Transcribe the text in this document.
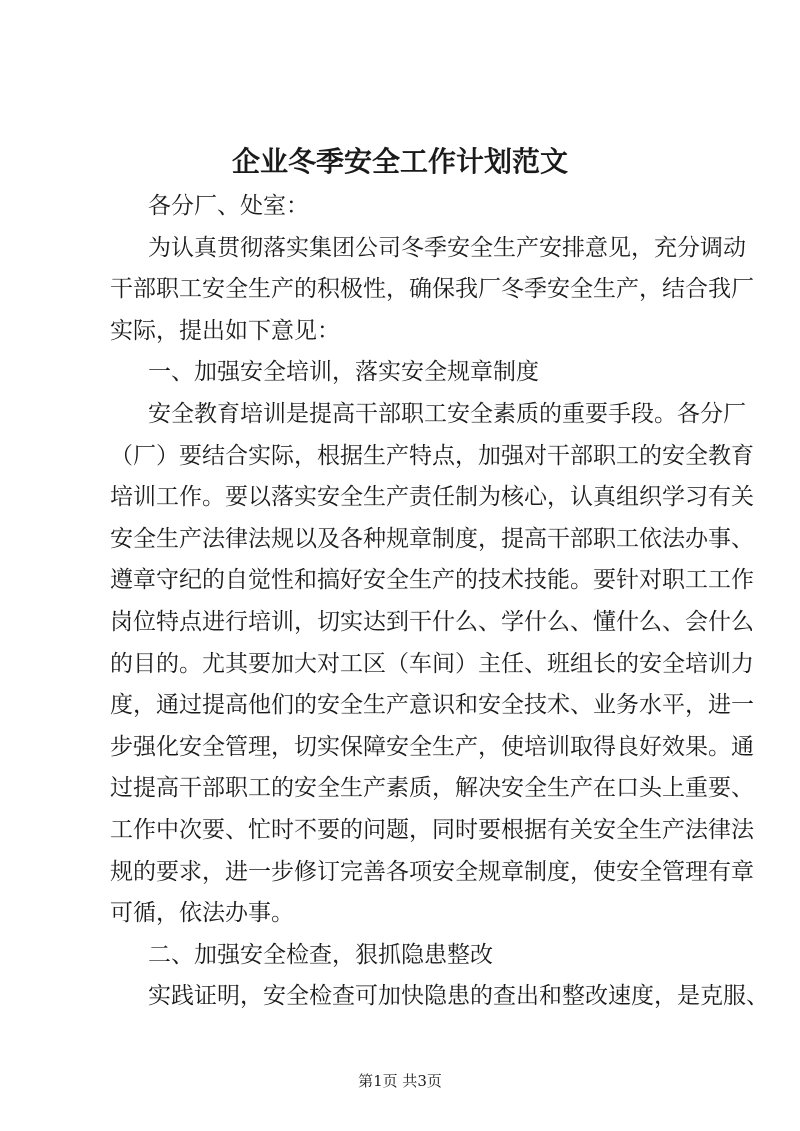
企业冬季安全工作计划范文
各分厂、处室：
为认真贯彻落实集团公司冬季安全生产安排意见，充分调动
干部职工安全生产的积极性，确保我厂冬季安全生产，结合我厂
实际，提出如下意见：
一、加强安全培训，落实安全规章制度
安全教育培训是提高干部职工安全素质的重要手段。各分厂
（厂）要结合实际，根据生产特点，加强对干部职工的安全教育
培训工作。要以落实安全生产责任制为核心，认真组织学习有关
安全生产法律法规以及各种规章制度，提高干部职工依法办事、
遵章守纪的自觉性和搞好安全生产的技术技能。要针对职工工作
岗位特点进行培训，切实达到干什么、学什么、懂什么、会什么
的目的。尤其要加大对工区（车间）主任、班组长的安全培训力
度，通过提高他们的安全生产意识和安全技术、业务水平，进一
步强化安全管理，切实保障安全生产，使培训取得良好效果。通
过提高干部职工的安全生产素质，解决安全生产在口头上重要、
工作中次要、忙时不要的问题，同时要根据有关安全生产法律法
规的要求，进一步修订完善各项安全规章制度，使安全管理有章
可循，依法办事。
二、加强安全检查，狠抓隐患整改
实践证明，安全检查可加快隐患的查出和整改速度，是克服、
第1页 共3页
